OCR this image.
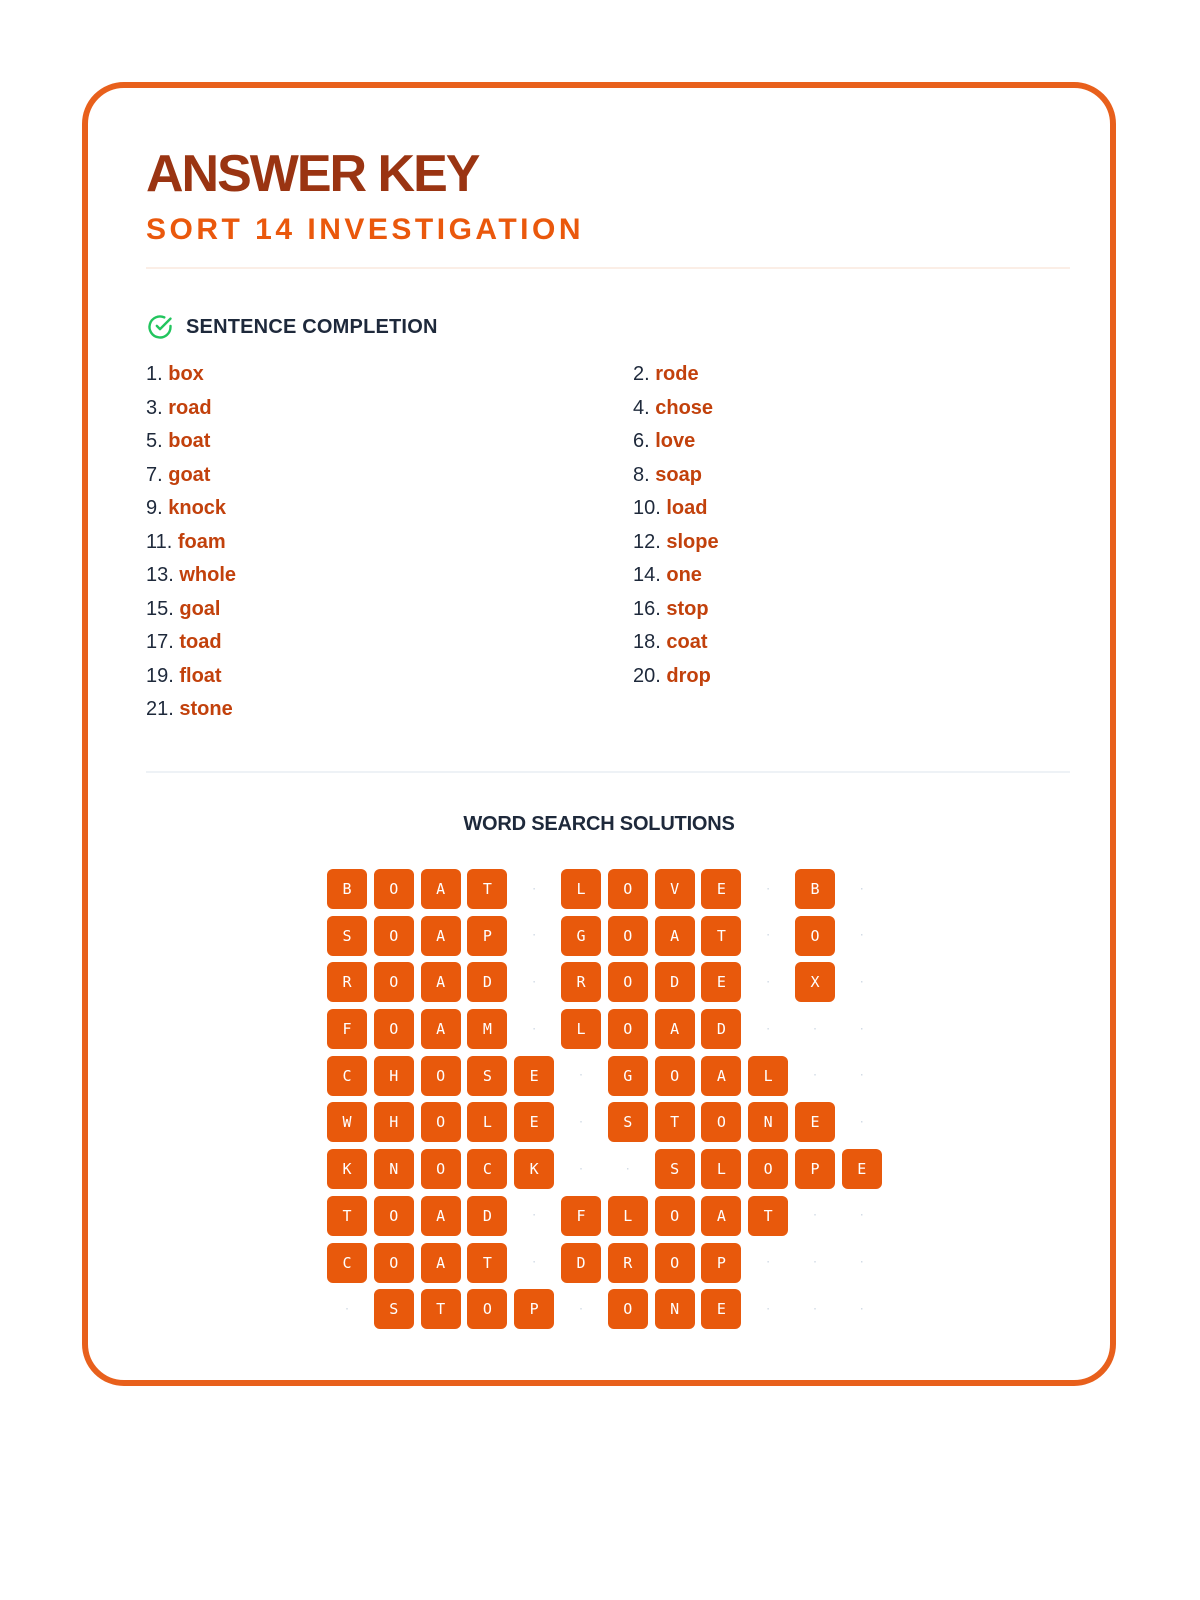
ANSWER KEY
SORT 14 INVESTIGATION
SENTENCE COMPLETION
1. box	2. rode
3. road	4. chose
5. boat	6. love
7. goat	8. soap
9. knock	10. load
11. foam	12. slope
13. whole	14. one
15. goal	16. stop
17. toad	18. coat
19. float	20. drop
21. stone
WORD SEARCH SOLUTIONS
B	O	A	T	·	L	O	V	E	·	B	·
S	O	A	P	·	G	O	A	T	·	O	·
R	O	A	D	·	R	O	D	E	·	X	·
F	O	A	M	·	L	O	A	D	·	·	·
C	H	O	S	E	·	G	O	A	L	·	·
W	H	O	L	E	·	S	T	O	N	E	·
K	N	O	C	K	·	·	S	L	O	P	E
T	O	A	D	·	F	L	O	A	T	·	·
C	O	A	T	·	D	R	O	P	·	·	·
·	S	T	O	P	·	O	N	E	·	·	·
